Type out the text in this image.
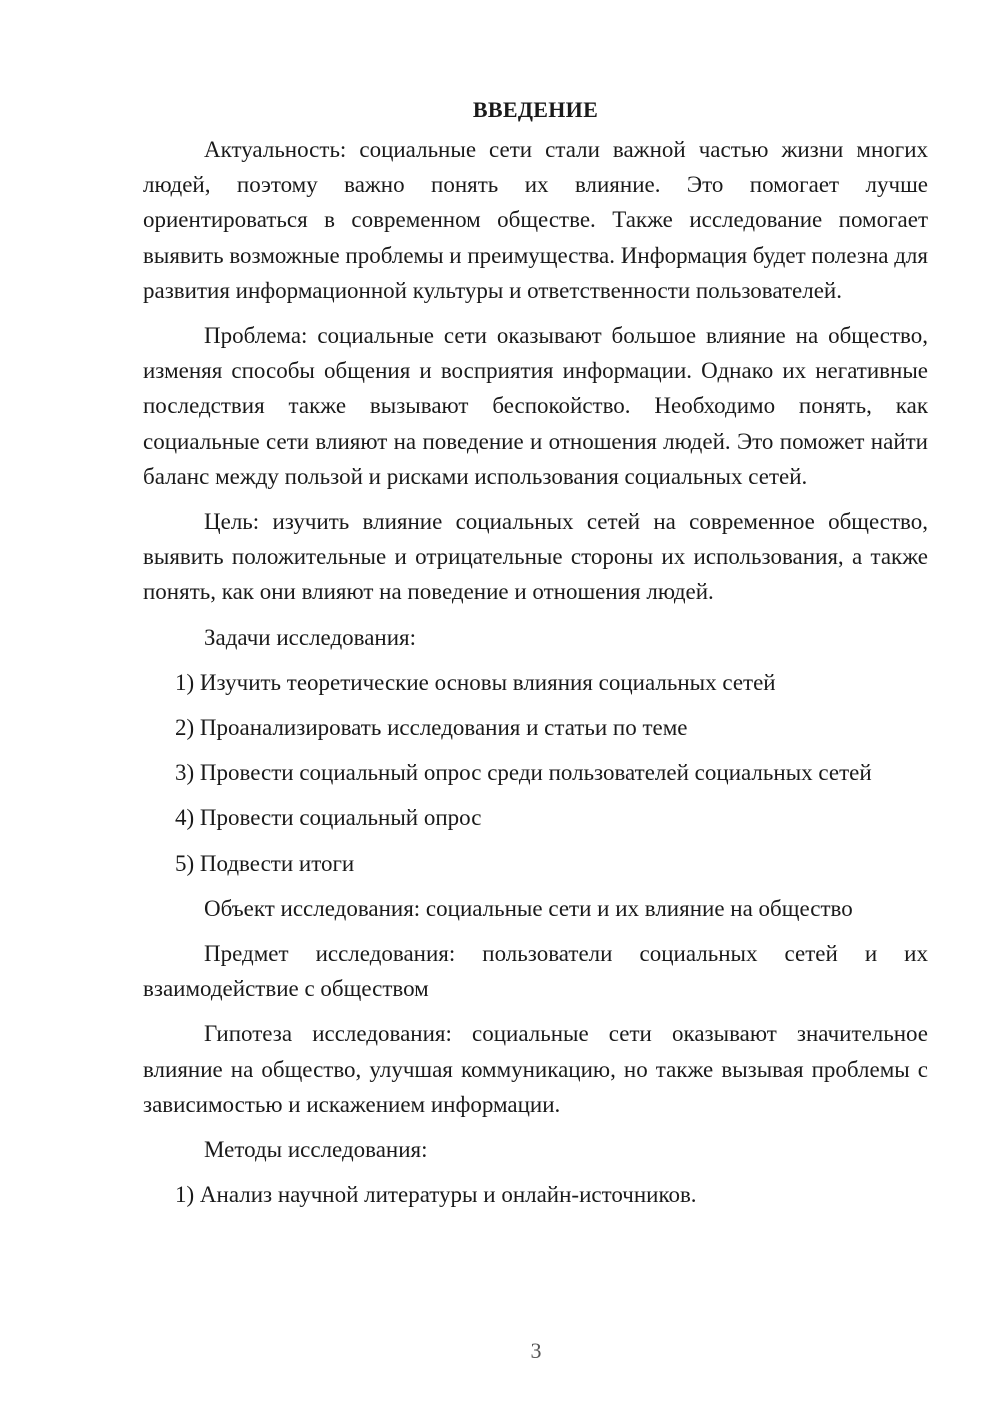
ВВЕДЕНИЕ

Актуальность: социальные сети стали важной частью жизни многих людей, поэтому важно понять их влияние. Это помогает лучше ориентироваться в современном обществе. Также исследование помогает выявить возможные проблемы и преимущества. Информация будет полезна для развития информационной культуры и ответственности пользователей.

Проблема: социальные сети оказывают большое влияние на общество, изменяя способы общения и восприятия информации. Однако их негативные последствия также вызывают беспокойство. Необходимо понять, как социальные сети влияют на поведение и отношения людей. Это поможет найти баланс между пользой и рисками использования социальных сетей.

Цель: изучить влияние социальных сетей на современное общество, выявить положительные и отрицательные стороны их использования, а также понять, как они влияют на поведение и отношения людей.

Задачи исследования:
1) Изучить теоретические основы влияния социальных сетей
2) Проанализировать исследования и статьи по теме
3) Провести социальный опрос среди пользователей социальных сетей
4) Провести социальный опрос
5) Подвести итоги
Объект исследования: социальные сети и их влияние на общество

Предмет исследования: пользователи социальных сетей и их взаимодействие с обществом

Гипотеза исследования: социальные сети оказывают значительное влияние на общество, улучшая коммуникацию, но также вызывая проблемы с зависимостью и искажением информации.

Методы исследования:
1) Анализ научной литературы и онлайн-источников.
3
